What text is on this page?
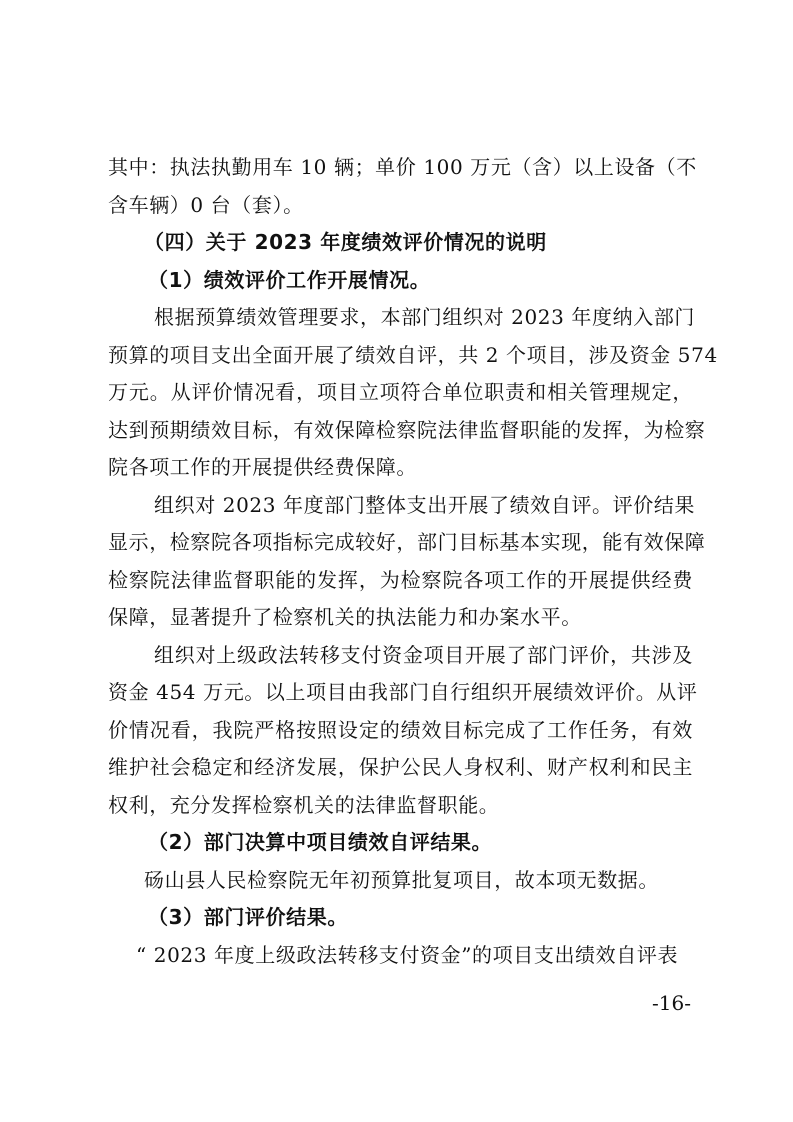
其中：执法执勤用车 10 辆；单价 100 万元（含）以上设备（不
含车辆）0 台（套）。
（四）关于 2023 年度绩效评价情况的说明
（1）绩效评价工作开展情况。
根据预算绩效管理要求，本部门组织对 2023 年度纳入部门
预算的项目支出全面开展了绩效自评，共 2 个项目，涉及资金 574
万元。从评价情况看，项目立项符合单位职责和相关管理规定，
达到预期绩效目标，有效保障检察院法律监督职能的发挥，为检察
院各项工作的开展提供经费保障。
组织对 2023 年度部门整体支出开展了绩效自评。评价结果
显示，检察院各项指标完成较好，部门目标基本实现，能有效保障
检察院法律监督职能的发挥，为检察院各项工作的开展提供经费
保障，显著提升了检察机关的执法能力和办案水平。
组织对上级政法转移支付资金项目开展了部门评价，共涉及
资金 454 万元。以上项目由我部门自行组织开展绩效评价。从评
价情况看，我院严格按照设定的绩效目标完成了工作任务，有效
维护社会稳定和经济发展，保护公民人身权利、财产权利和民主
权利，充分发挥检察机关的法律监督职能。
（2）部门决算中项目绩效自评结果。
砀山县人民检察院无年初预算批复项目，故本项无数据。
（3）部门评价结果。
“ 2023 年度上级政法转移支付资金”的项目支出绩效自评表
-16-
